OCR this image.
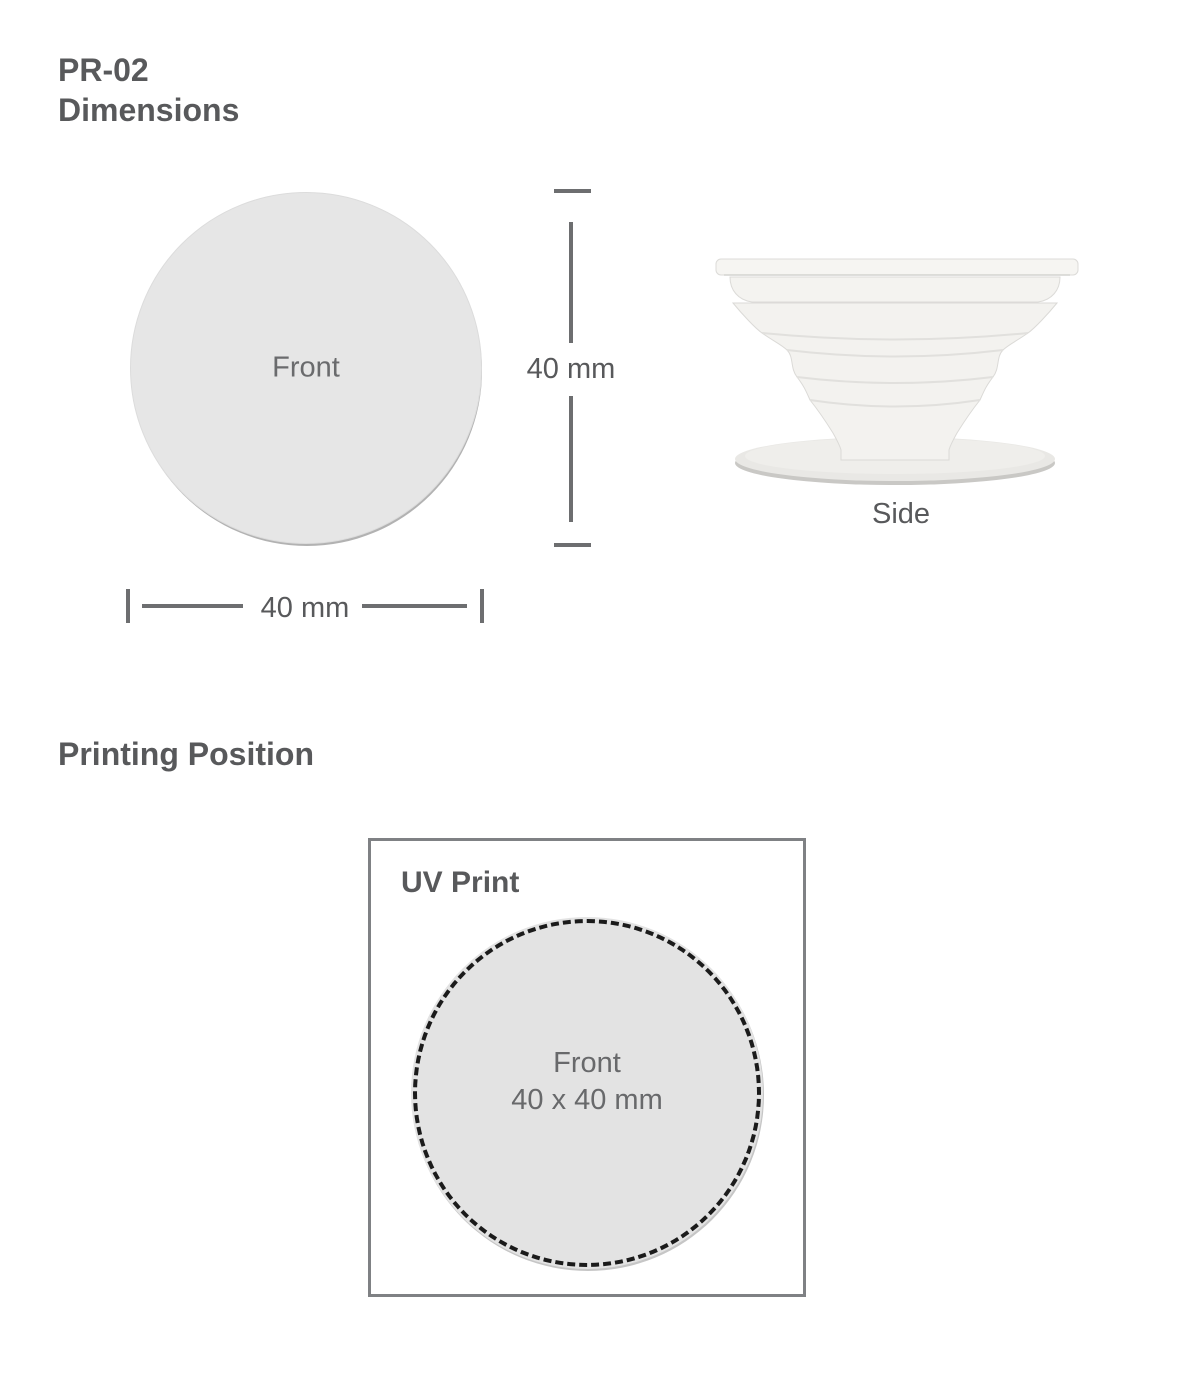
PR-02
Dimensions
Front	40 mm
40 mm
Side
Printing Position
UV Print
Front
40 x 40 mm
